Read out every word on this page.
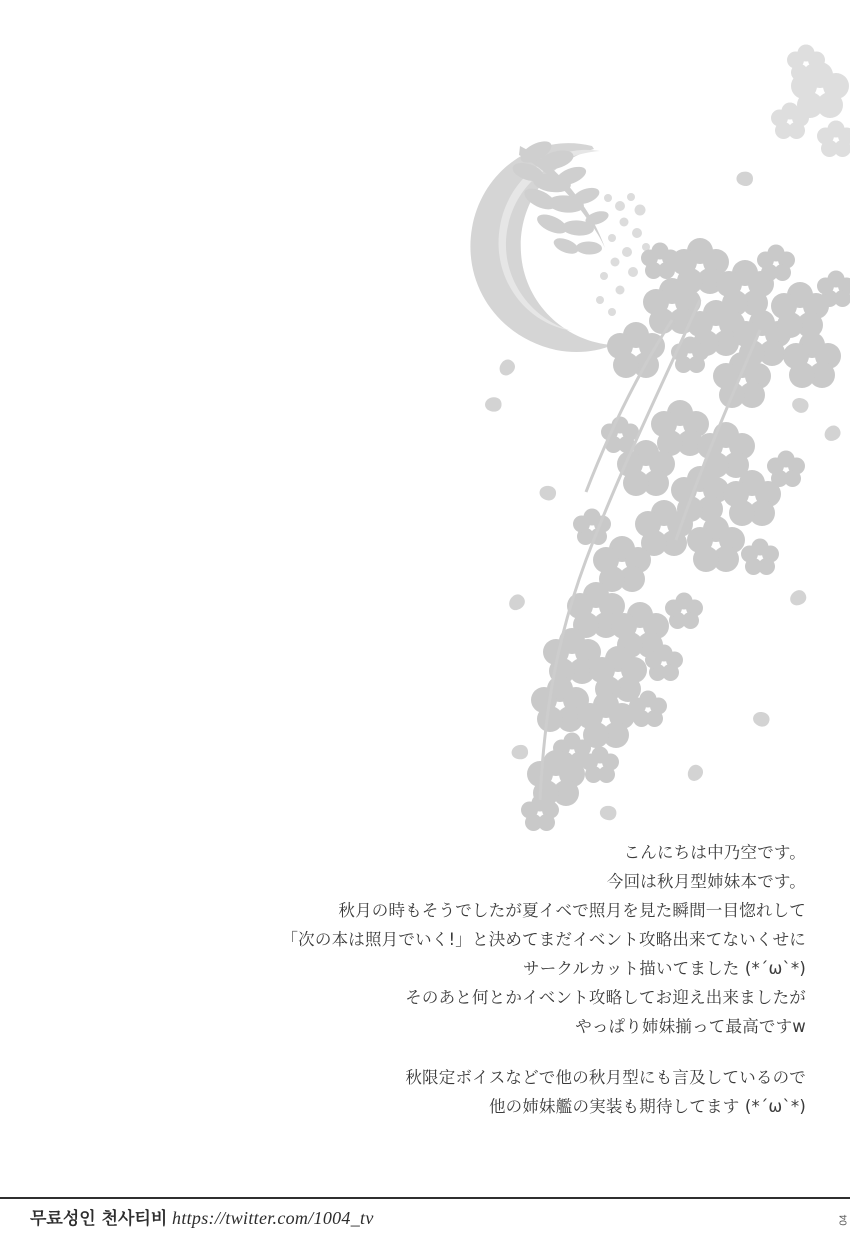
こんにちは中乃空です。
今回は秋月型姉妹本です。
秋月の時もそうでしたが夏イベで照月を見た瞬間一目惚れして
「次の本は照月でいく!」と決めてまだイベント攻略出来てないくせに
サークルカット描いてました (*´ω`*)
そのあと何とかイベント攻略してお迎え出来ましたが
やっぱり姉妹揃って最高ですw
秋限定ボイスなどで他の秋月型にも言及しているので
他の姉妹艦の実装も期待してます (*´ω`*)
무료성인 천사티비 https://twitter.com/1004_tv	04
